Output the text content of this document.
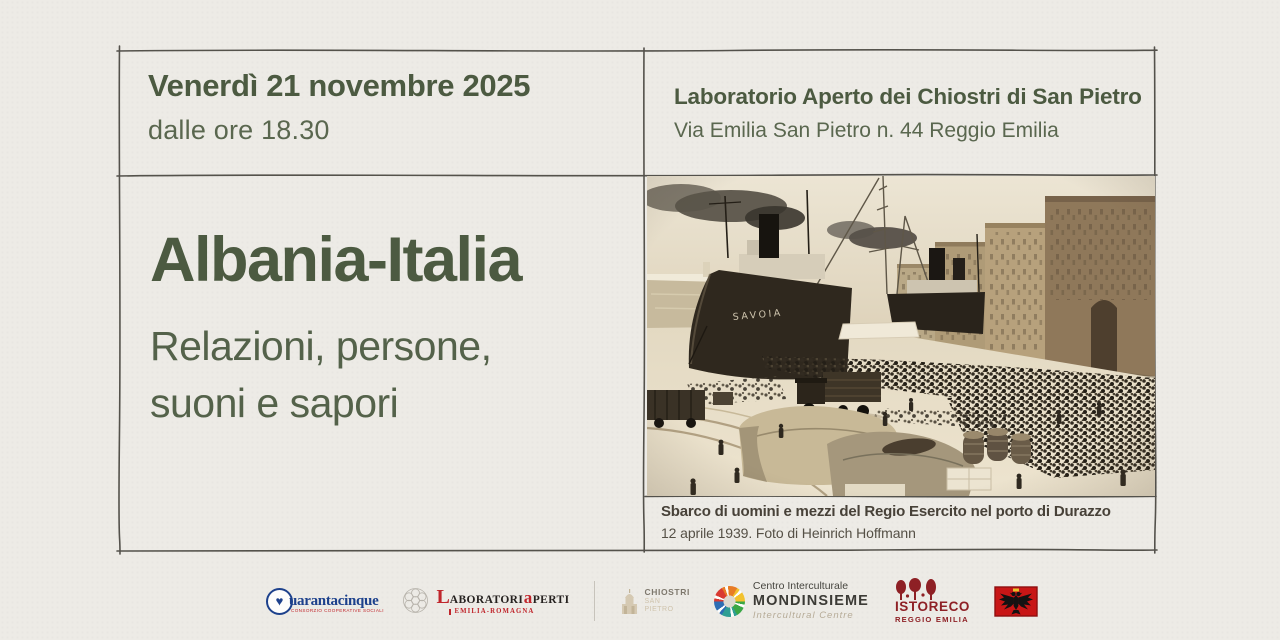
Venerdì 21 novembre 2025
dalle ore 18.30
Laboratorio Aperto dei Chiostri di San Pietro
Via Emilia San Pietro n. 44 Reggio Emilia
Albania-Italia
Relazioni, persone,
suoni e sapori
Sbarco di uomini e mezzi del Regio Esercito nel porto di Durazzo
12 aprile 1939. Foto di Heinrich Hoffmann
♥ uarantacinque
CONSORZIO COOPERATIVE SOCIALI
L ABORATORI a PERTI
EMILIA-ROMAGNA
CHIOSTRI
SAN
PIETRO
Centro Interculturale
MONDINSIEME
Intercultural Centre
ISTORECO
REGGIO EMILIA
